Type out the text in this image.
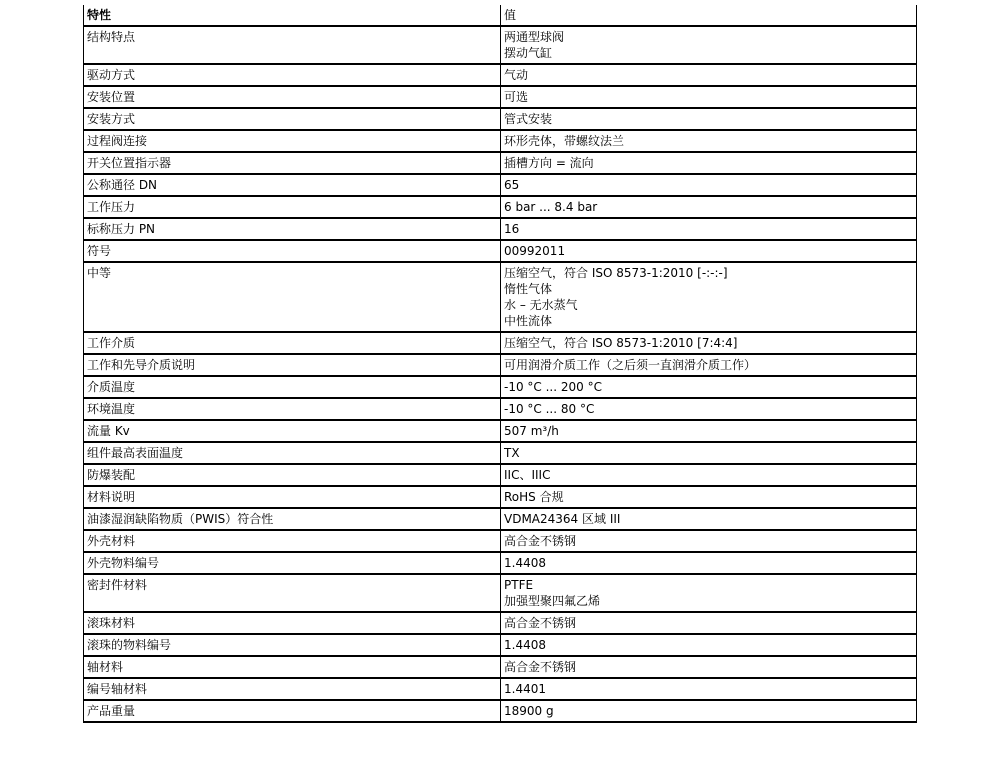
特性	值
结构特点	两通型球阀
摆动气缸

驱动方式	气动

安装位置	可选

安装方式	管式安装

过程阀连接	环形壳体，带螺纹法兰

开关位置指示器	插槽方向 = 流向

公称通径 DN	65

工作压力	6 bar ... 8.4 bar

标称压力 PN	16

符号	00992011

中等	压缩空气，符合 ISO 8573-1:2010 [-:-:-]
惰性气体
水 – 无水蒸气
中性流体

工作介质	压缩空气，符合 ISO 8573-1:2010 [7:4:4]

工作和先导介质说明	可用润滑介质工作（之后须一直润滑介质工作）

介质温度	-10 °C ... 200 °C

环境温度	-10 °C ... 80 °C

流量 Kv	507 m³/h

组件最高表面温度	TX

防爆装配	IIC、IIIC

材料说明	RoHS 合规

油漆湿润缺陷物质（PWIS）符合性	VDMA24364 区域 III

外壳材料	高合金不锈钢

外壳物料编号	1.4408

密封件材料	PTFE
加强型聚四氟乙烯

滚珠材料	高合金不锈钢

滚珠的物料编号	1.4408

轴材料	高合金不锈钢

编号轴材料	1.4401

产品重量	18900 g
